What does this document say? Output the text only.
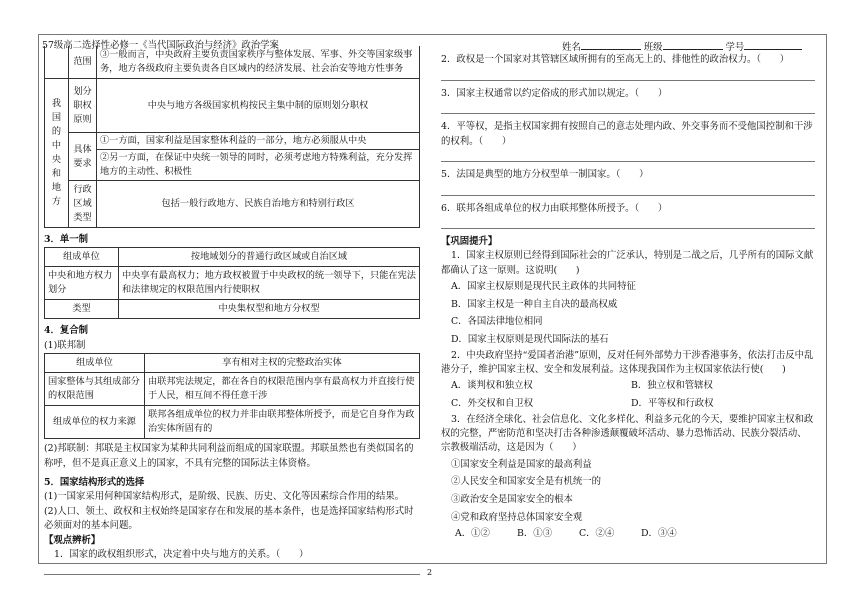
57级高二选择性必修一《当代国际政治与经济》政治学案	姓名	班级	学号
	范围	③一般而言，中央政府主要负责国家秩序与整体发展、军事、外交等国家级事务，地方各级政府主要负责各自区域内的经济发展、社会治安等地方性事务
我国的中央和地方	划分职权原则	中央与地方各级国家机构按民主集中制的原则划分职权
	具体要求	①一方面，国家利益是国家整体利益的一部分，地方必须服从中央
②另一方面，在保证中央统一领导的同时，必须考虑地方特殊利益，充分发挥地方的主动性、积极性

	行政区域类型	包括一般行政地方、民族自治地方和特别行政区

3．单一制

组成单位	按地域划分的普通行政区域或自治区域
中央和地方权力划分	中央享有最高权力；地方政权被置于中央政权的统一领导下，只能在宪法和法律规定的权限范围内行使职权
类型	中央集权型和地方分权型

4．复合制

(1)联邦制

组成单位	享有相对主权的完整政治实体
国家整体与其组成部分的权限范围	由联邦宪法规定，都在各自的权限范围内享有最高权力并直接行使于人民，相互间不得任意干涉
组成单位的权力来源	联邦各组成单位的权力并非由联邦整体所授予，而是它自身作为政治实体所固有的

(2)邦联制：邦联是主权国家为某种共同利益而组成的国家联盟。邦联虽然也有类似国名的称呼，但不是真正意义上的国家，不具有完整的国际法主体资格。

5．国家结构形式的选择

(1)一国家采用何种国家结构形式，是阶级、民族、历史、文化等因素综合作用的结果。

(2)人口、领土、政权和主权始终是国家存在和发展的基本条件，也是选择国家结构形式时必须面对的基本问题。

【观点辨析】

1．国家的政权组织形式，决定着中央与地方的关系。（　　）

2．政权是一个国家对其管辖区域所拥有的至高无上的、排他性的政治权力。（　　）

3．国家主权通常以约定俗成的形式加以规定。（　　）

4．平等权，是指主权国家拥有按照自己的意志处理内政、外交事务而不受他国控制和干涉的权利。（　　）

5．法国是典型的地方分权型单一制国家。（　　）

6．联邦各组成单位的权力由联邦整体所授予。（　　）

【巩固提升】

1．国家主权原则已经得到国际社会的广泛承认，特别是二战之后，几乎所有的国际文献都确认了这一原则。这说明(　　)

A．国家主权原则是现代民主政体的共同特征

B．国家主权是一种自主自决的最高权威

C．各国法律地位相同

D．国家主权原则是现代国际法的基石

2．中央政府坚持“爱国者治港”原则，反对任何外部势力干涉香港事务，依法打击反中乱港分子，维护国家主权、安全和发展利益。这体现我国作为主权国家依法行使(　　)

A．谈判权和独立权	B．独立权和管辖权

C．外交权和自卫权	D．平等权和行政权

3．在经济全球化、社会信息化、文化多样化、利益多元化的今天，要维护国家主权和政权的完整，严密防范和坚决打击各种渗透颠覆破坏活动、暴力恐怖活动、民族分裂活动、宗教极端活动，这是因为（　　）

①国家安全利益是国家的最高利益

②人民安全和国家安全是有机统一的

③政治安全是国家安全的根本

④党和政府坚持总体国家安全观

A．①②	B．①③	C．②④	D．③④
2
